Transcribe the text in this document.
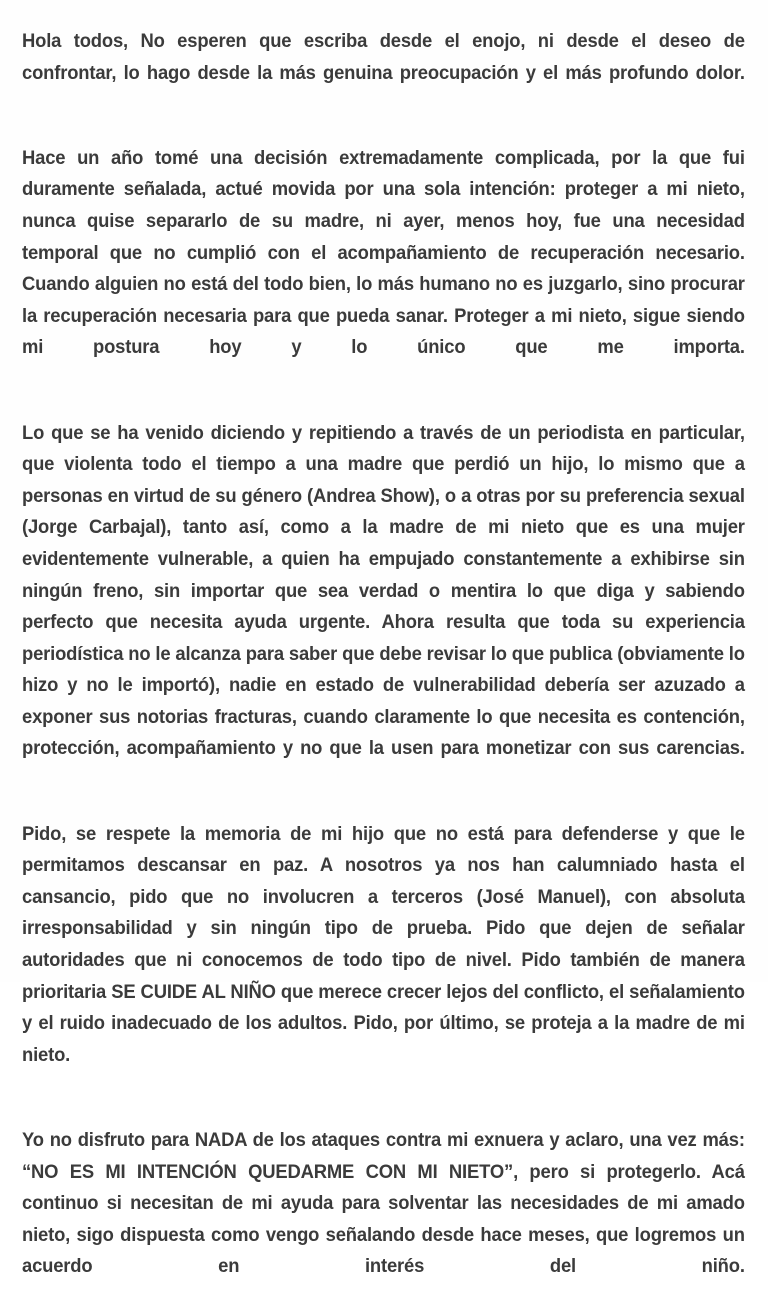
Hola todos, No esperen que escriba desde el enojo, ni desde el deseo de confrontar, lo hago desde la más genuina preocupación y el más profundo dolor.

Hace un año tomé una decisión extremadamente complicada, por la que fui duramente señalada, actué movida por una sola intención: proteger a mi nieto, nunca quise separarlo de su madre, ni ayer, menos hoy, fue una necesidad temporal que no cumplió con el acompañamiento de recuperación necesario. Cuando alguien no está del todo bien, lo más humano no es juzgarlo, sino procurar la recuperación necesaria para que pueda sanar. Proteger a mi nieto, sigue siendo mi postura hoy y lo único que me importa.

Lo que se ha venido diciendo y repitiendo a través de un periodista en particular, que violenta todo el tiempo a una madre que perdió un hijo, lo mismo que a personas en virtud de su género (Andrea Show), o a otras por su preferencia sexual (Jorge Carbajal), tanto así, como a la madre de mi nieto que es una mujer evidentemente vulnerable, a quien ha empujado constantemente a exhibirse sin ningún freno, sin importar que sea verdad o mentira lo que diga y sabiendo perfecto que necesita ayuda urgente. Ahora resulta que toda su experiencia periodística no le alcanza para saber que debe revisar lo que publica (obviamente lo hizo y no le importó), nadie en estado de vulnerabilidad debería ser azuzado a exponer sus notorias fracturas, cuando claramente lo que necesita es contención, protección, acompañamiento y no que la usen para monetizar con sus carencias.

Pido, se respete la memoria de mi hijo que no está para defenderse y que le permitamos descansar en paz. A nosotros ya nos han calumniado hasta el cansancio, pido que no involucren a terceros (José Manuel), con absoluta irresponsabilidad y sin ningún tipo de prueba. Pido que dejen de señalar autoridades que ni conocemos de todo tipo de nivel. Pido también de manera prioritaria SE CUIDE AL NIÑO que merece crecer lejos del conflicto, el señalamiento y el ruido inadecuado de los adultos. Pido, por último, se proteja a la madre de mi nieto.

Yo no disfruto para NADA de los ataques contra mi exnuera y aclaro, una vez más: “NO ES MI INTENCIÓN QUEDARME CON MI NIETO”, pero si protegerlo. Acá continuo si necesitan de mi ayuda para solventar las necesidades de mi amado nieto, sigo dispuesta como vengo señalando desde hace meses, que logremos un acuerdo en interés del niño.
